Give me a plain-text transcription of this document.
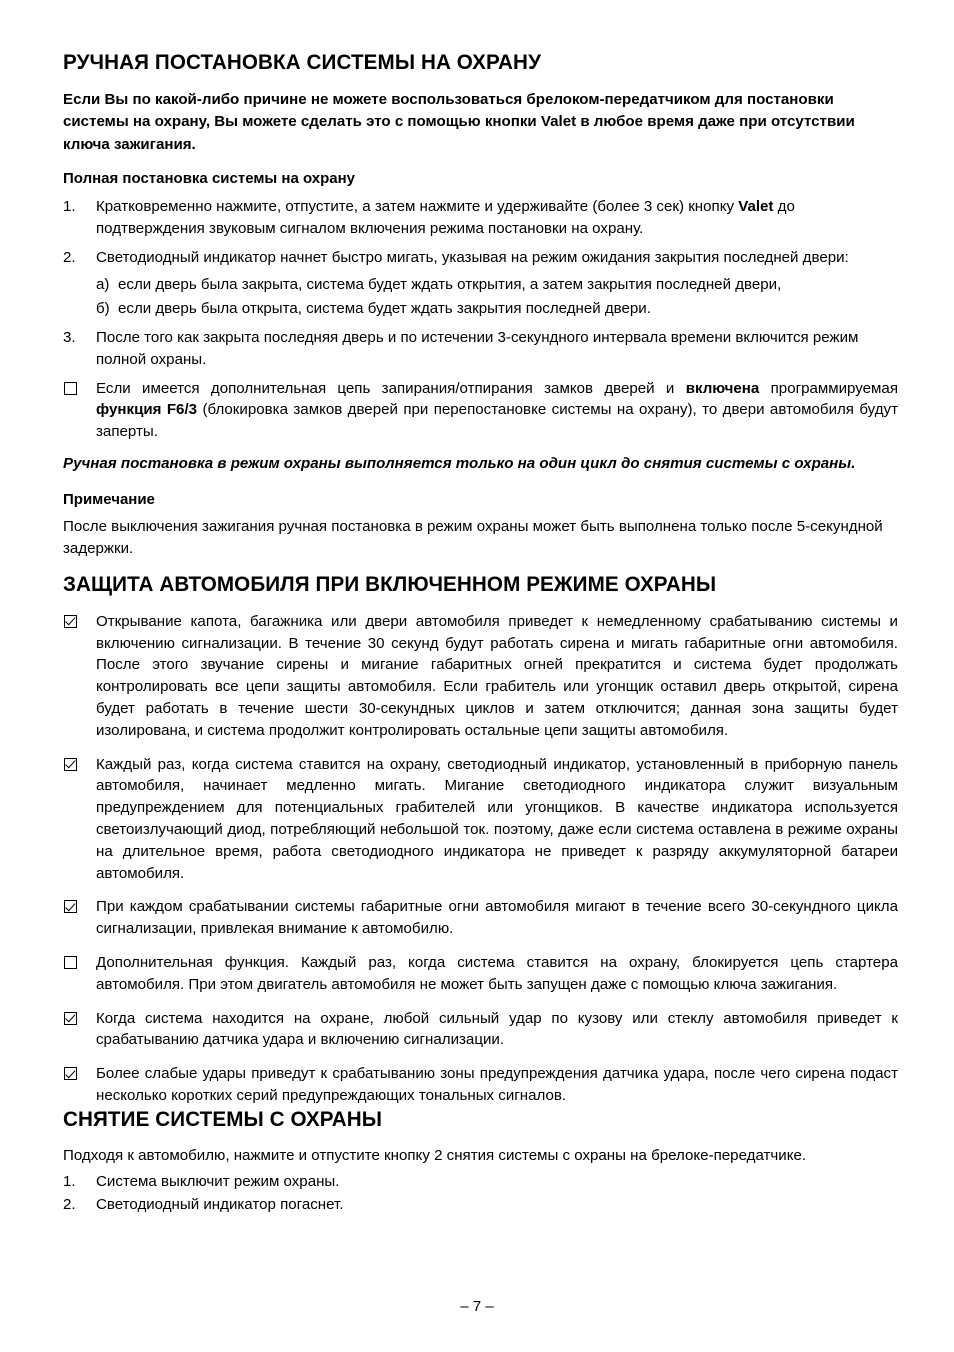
РУЧНАЯ ПОСТАНОВКА СИСТЕМЫ НА ОХРАНУ

Если Вы по какой-либо причине не можете воспользоваться брелоком-передатчиком для постановки системы на охрану, Вы можете сделать это с помощью кнопки Valet в любое время даже при отсутствии ключа зажигания.

Полная постановка системы на охрану
1.	Кратковременно нажмите, отпустите, а затем нажмите и удерживайте (более 3 сек) кнопку Valet до подтверждения звуковым сигналом включения режима постановки на охрану.
2.	Светодиодный индикатор начнет быстро мигать, указывая на режим ожидания закрытия последней двери:
а) если дверь была закрыта, система будет ждать открытия, а затем закрытия последней двери,
б) если дверь была открыта, система будет ждать закрытия последней двери.
3.	После того как закрыта последняя дверь и по истечении 3-секундного интервала времени включится режим полной охраны.
Если имеется дополнительная цепь запирания/отпирания замков дверей и включена программируемая функция F6/3 (блокировка замков дверей при перепостановке системы на охрану), то двери автомобиля будут заперты.

Ручная постановка в режим охраны выполняется только на один цикл до снятия системы с охраны.

Примечание

После выключения зажигания ручная постановка в режим охраны может быть выполнена только после 5-секундной задержки.

ЗАЩИТА АВТОМОБИЛЯ ПРИ ВКЛЮЧЕННОМ РЕЖИМЕ ОХРАНЫ
Открывание капота, багажника или двери автомобиля приведет к немедленному срабатыванию системы и включению сигнализации. В течение 30 секунд будут работать сирена и мигать габаритные огни автомобиля. После этого звучание сирены и мигание габаритных огней прекратится и система будет продолжать контролировать все цепи защиты автомобиля. Если грабитель или угонщик оставил дверь открытой, сирена будет работать в течение шести 30-секундных циклов и затем отключится; данная зона защиты будет изолирована, и система продолжит контролировать остальные цепи защиты автомобиля.
Каждый раз, когда система ставится на охрану, светодиодный индикатор, установленный в приборную панель автомобиля, начинает медленно мигать. Мигание светодиодного индикатора служит визуальным предупреждением для потенциальных грабителей или угонщиков. В качестве индикатора используется светоизлучающий диод, потребляющий небольшой ток. поэтому, даже если система оставлена в режиме охраны на длительное время, работа светодиодного индикатора не приведет к разряду аккумуляторной батареи автомобиля.
При каждом срабатывании системы габаритные огни автомобиля мигают в течение всего 30-секундного цикла сигнализации, привлекая внимание к автомобилю.
Дополнительная функция. Каждый раз, когда система ставится на охрану, блокируется цепь стартера автомобиля. При этом двигатель автомобиля не может быть запущен даже с помощью ключа зажигания.
Когда система находится на охране, любой сильный удар по кузову или стеклу автомобиля приведет к срабатыванию датчика удара и включению сигнализации.
Более слабые удары приведут к срабатыванию зоны предупреждения датчика удара, после чего сирена подаст несколько коротких серий предупреждающих тональных сигналов.
СНЯТИЕ СИСТЕМЫ С ОХРАНЫ

Подходя к автомобилю, нажмите и отпустите кнопку 2 снятия системы с охраны на брелоке-передатчике.

1.	Система выключит режим охраны.
2.	Светодиодный индикатор погаснет.
– 7 –
